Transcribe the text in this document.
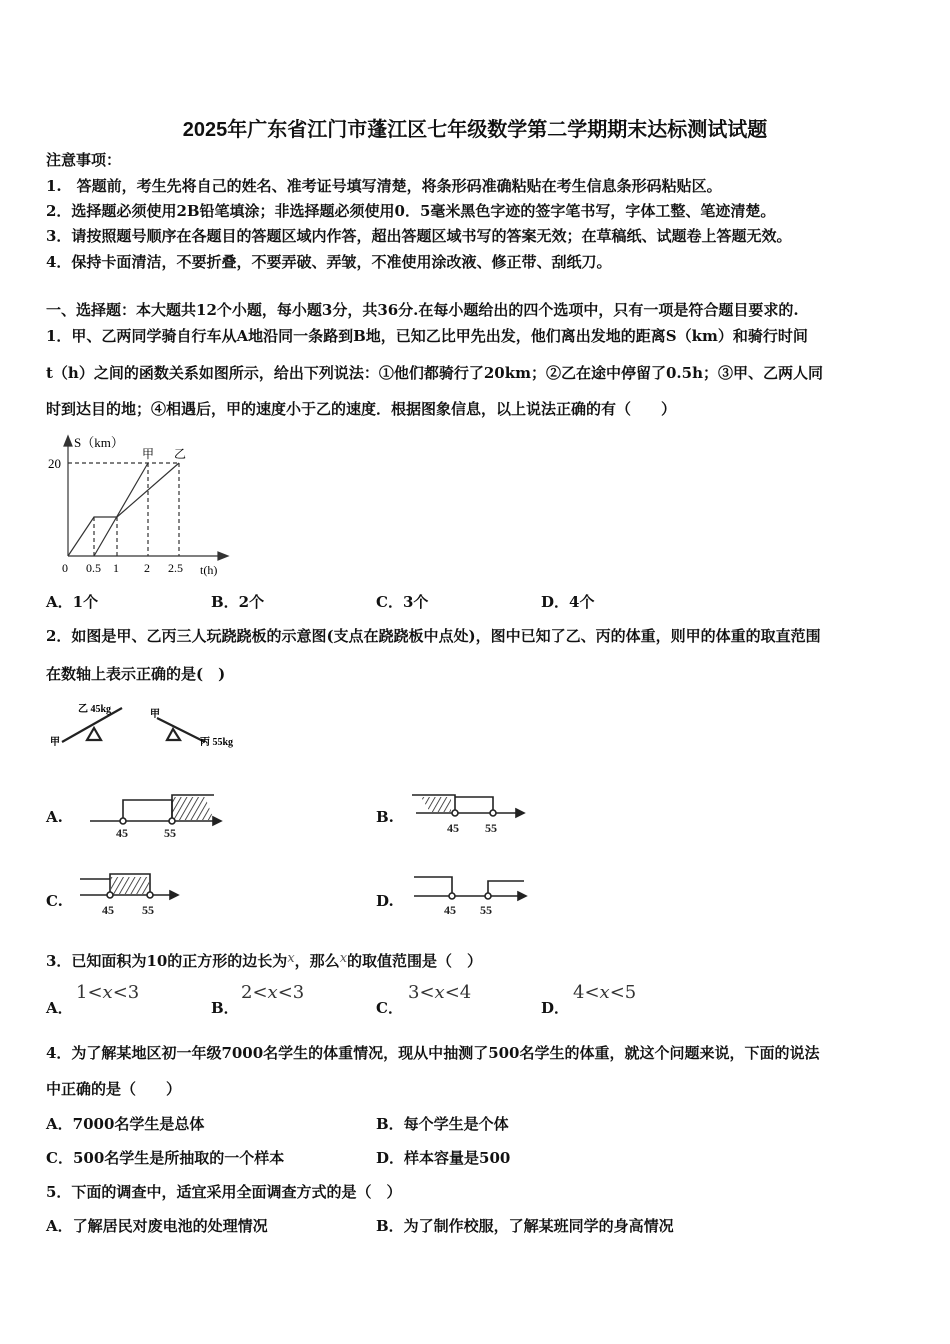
2025年广东省江门市蓬江区七年级数学第二学期期末达标测试试题
注意事项：
1.　答题前，考生先将自己的姓名、准考证号填写清楚，将条形码准确粘贴在考生信息条形码粘贴区。
2．选择题必须使用2B铅笔填涂；非选择题必须使用0．5毫米黑色字迹的签字笔书写，字体工整、笔迹清楚。
3．请按照题号顺序在各题目的答题区域内作答，超出答题区域书写的答案无效；在草稿纸、试题卷上答题无效。
4．保持卡面清洁，不要折叠，不要弄破、弄皱，不准使用涂改液、修正带、刮纸刀。
一、选择题：本大题共12个小题，每小题3分，共36分.在每小题给出的四个选项中，只有一项是符合题目要求的.
1．甲、乙两同学骑自行车从A地沿同一条路到B地，已知乙比甲先出发，他们离出发地的距离S（km）和骑行时间
t（h）之间的函数关系如图所示，给出下列说法：①他们都骑行了20km；②乙在途中停留了0.5h；③甲、乙两人同
时到达目的地；④相遇后，甲的速度小于乙的速度．根据图象信息，以上说法正确的有（　　）
S（km）
20
0 0.5 1 2 2.5 t(h)
甲 乙
A．1个	B．2个	C．3个	D．4个
2．如图是甲、乙丙三人玩跷跷板的示意图(支点在跷跷板中点处)，图中已知了乙、丙的体重，则甲的体重的取直范围
在数轴上表示正确的是(　)
乙 45kg
甲
甲
丙 55kg
A.	B.
C.	D.
45	55	45 55
45 55	45 55
3．已知面积为10的正方形的边长为x，那么x的取值范围是（　）
A．
1<x<3
B．
2<x<3
C．
3<x<4
D．
4<x<5
4．为了解某地区初一年级7000名学生的体重情况，现从中抽测了500名学生的体重，就这个问题来说，下面的说法
中正确的是（　　）
A．7000名学生是总体	B．每个学生是个体
C．500名学生是所抽取的一个样本	D．样本容量是500
5．下面的调查中，适宜采用全面调查方式的是（　）
A．了解居民对废电池的处理情况	B．为了制作校服，了解某班同学的身高情况
